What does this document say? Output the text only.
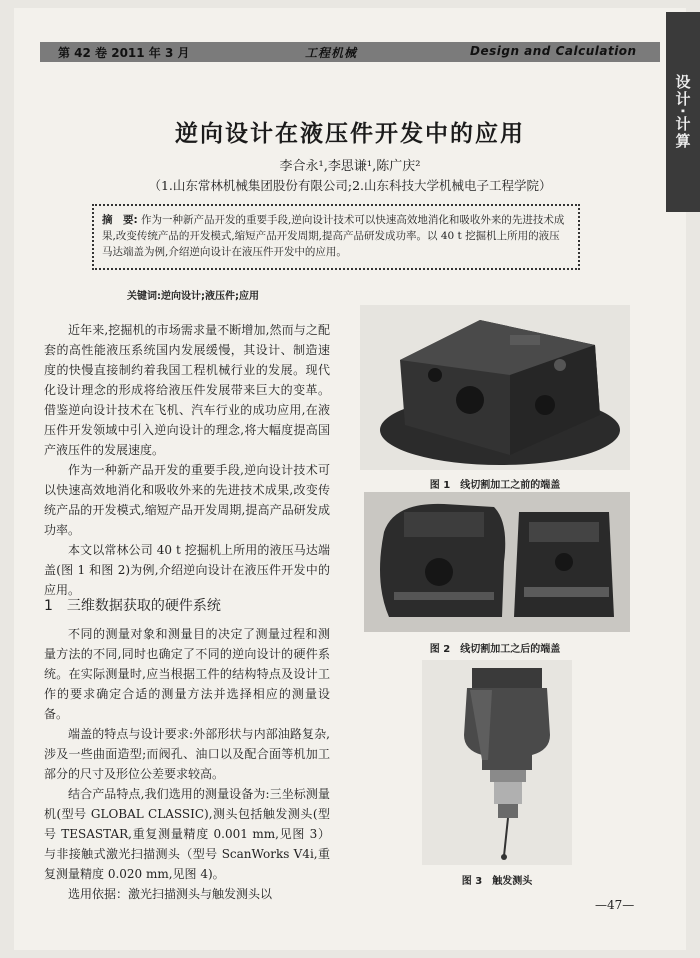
第 42 卷 2011 年 3 月	工程机械	Design and Calculation
设计·计算
逆向设计在液压件开发中的应用
李合永¹,李思谦¹,陈广庆²
（1.山东常林机械集团股份有限公司;2.山东科技大学机械电子工程学院）
摘　要: 作为一种新产品开发的重要手段,逆向设计技术可以快速高效地消化和吸收外来的先进技术成果,改变传统产品的开发模式,缩短产品开发周期,提高产品研发成功率。以 40 t 挖掘机上所用的液压马达端盖为例,介绍逆向设计在液压件开发中的应用。
关键词:逆向设计;液压件;应用

近年来,挖掘机的市场需求量不断增加,然而与之配套的高性能液压系统国内发展缓慢，其设计、制造速度的快慢直接制约着我国工程机械行业的发展。现代化设计理念的形成将给液压件发展带来巨大的变革。借鉴逆向设计技术在飞机、汽车行业的成功应用,在液压件开发领域中引入逆向设计的理念,将大幅度提高国产液压件的发展速度。

作为一种新产品开发的重要手段,逆向设计技术可以快速高效地消化和吸收外来的先进技术成果,改变传统产品的开发模式,缩短产品开发周期,提高产品研发成功率。

本文以常林公司 40 t 挖掘机上所用的液压马达端盖(图 1 和图 2)为例,介绍逆向设计在液压件开发中的应用。

1　三维数据获取的硬件系统

不同的测量对象和测量目的决定了测量过程和测量方法的不同,同时也确定了不同的逆向设计的硬件系统。在实际测量时,应当根据工件的结构特点及设计工作的要求确定合适的测量方法并选择相应的测量设备。

端盖的特点与设计要求:外部形状与内部油路复杂,涉及一些曲面造型;而阀孔、油口以及配合面等机加工部分的尺寸及形位公差要求较高。

结合产品特点,我们选用的测量设备为:三坐标测量机(型号 GLOBAL CLASSIC),测头包括触发测头(型号 TESASTAR,重复测量精度 0.001 mm,见图 3）与非接触式激光扫描测头（型号 ScanWorks V4i,重复测量精度 0.020 mm,见图 4)。

选用依据：激光扫描测头与触发测头以

图 1　线切割加工之前的端盖
图 2　线切割加工之后的端盖
图 3　触发测头
—47—
